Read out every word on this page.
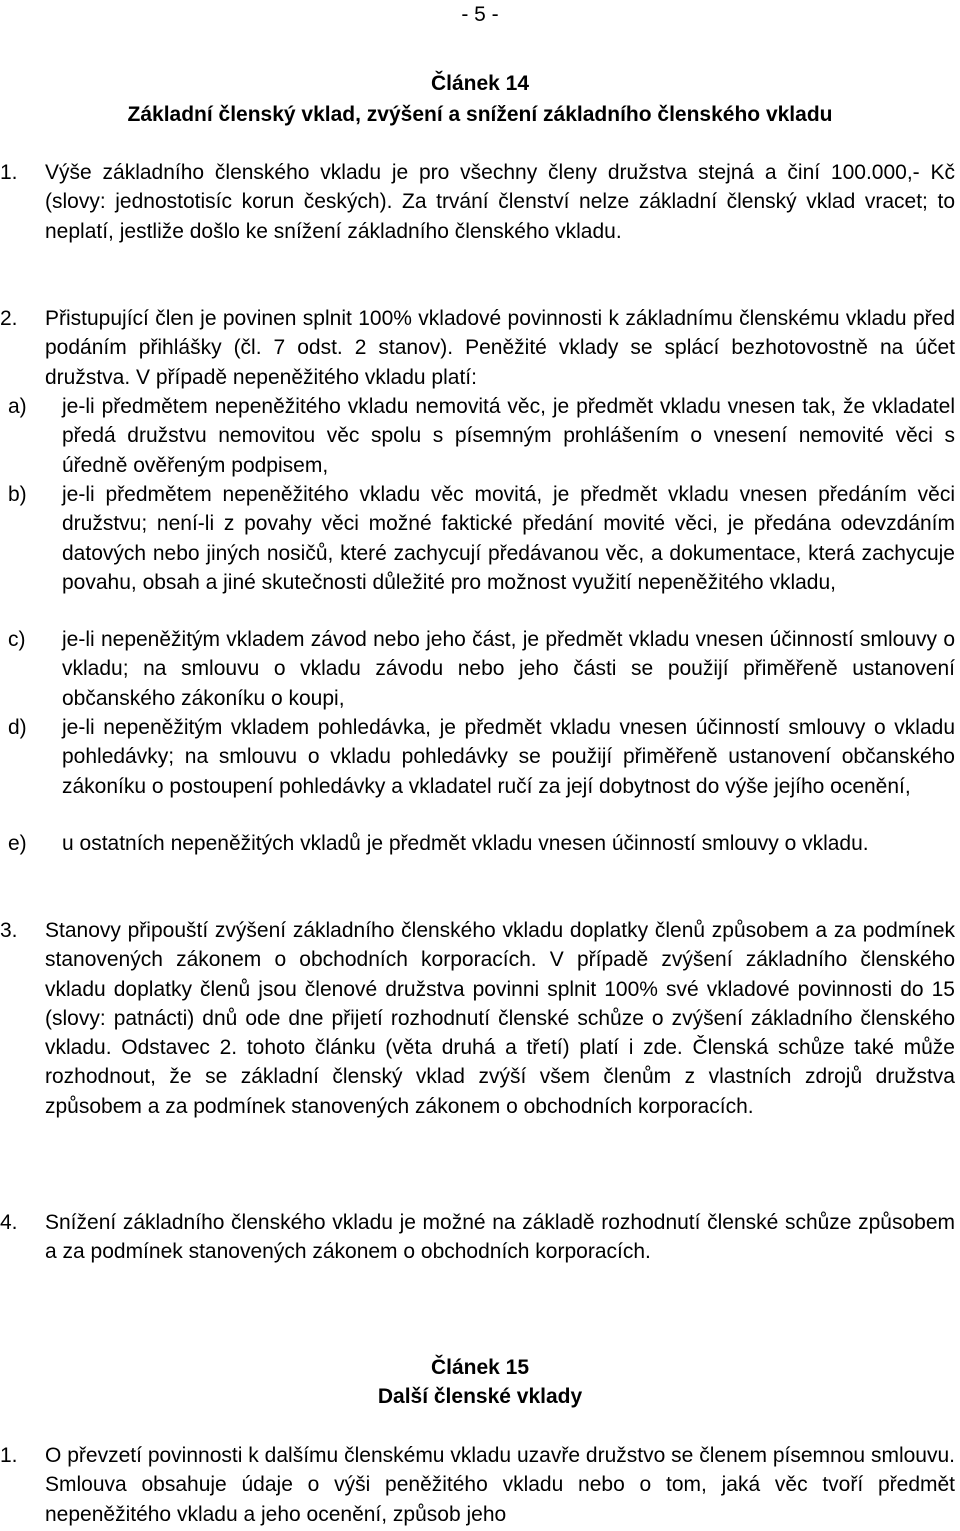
- 5 -
Článek 14
Základní členský vklad, zvýšení a snížení základního členského vkladu
1. Výše základního členského vkladu je pro všechny členy družstva stejná a činí 100.000,- Kč (slovy: jednostotisíc korun českých). Za trvání členství nelze základní členský vklad vracet; to neplatí, jestliže došlo ke snížení základního členského vkladu.
2. Přistupující člen je povinen splnit 100% vkladové povinnosti k základnímu členskému vkladu před podáním přihlášky (čl. 7 odst. 2 stanov). Peněžité vklady se splácí bezhotovostně na účet družstva. V případě nepeněžitého vkladu platí:
a) je-li předmětem nepeněžitého vkladu nemovitá věc, je předmět vkladu vnesen tak, že vkladatel předá družstvu nemovitou věc spolu s písemným prohlášením o vnesení nemovité věci s úředně ověřeným podpisem,
b) je-li předmětem nepeněžitého vkladu věc movitá, je předmět vkladu vnesen předáním věci družstvu; není-li z povahy věci možné faktické předání movité věci, je předána odevzdáním datových nebo jiných nosičů, které zachycují předávanou věc, a dokumentace, která zachycuje povahu, obsah a jiné skutečnosti důležité pro možnost využití nepeněžitého vkladu,
c) je-li nepeněžitým vkladem závod nebo jeho část, je předmět vkladu vnesen účinností smlouvy o vkladu; na smlouvu o vkladu závodu nebo jeho části se použijí přiměřeně ustanovení občanského zákoníku o koupi,
d) je-li nepeněžitým vkladem pohledávka, je předmět vkladu vnesen účinností smlouvy o vkladu pohledávky; na smlouvu o vkladu pohledávky se použijí přiměřeně ustanovení občanského zákoníku o postoupení pohledávky a vkladatel ručí za její dobytnost do výše jejího ocenění,
e) u ostatních nepeněžitých vkladů je předmět vkladu vnesen účinností smlouvy o vkladu.
3. Stanovy připouští zvýšení základního členského vkladu doplatky členů způsobem a za podmínek stanovených zákonem o obchodních korporacích. V případě zvýšení základního členského vkladu doplatky členů jsou členové družstva povinni splnit 100% své vkladové povinnosti do 15 (slovy: patnácti) dnů ode dne přijetí rozhodnutí členské schůze o zvýšení základního členského vkladu. Odstavec 2. tohoto článku (věta druhá a třetí) platí i zde. Členská schůze také může rozhodnout, že se základní členský vklad zvýší všem členům z vlastních zdrojů družstva způsobem a za podmínek stanovených zákonem o obchodních korporacích.
4. Snížení základního členského vkladu je možné na základě rozhodnutí členské schůze způsobem a za podmínek stanovených zákonem o obchodních korporacích.
Článek 15
Další členské vklady
1. O převzetí povinnosti k dalšímu členskému vkladu uzavře družstvo se členem písemnou smlouvu. Smlouva obsahuje údaje o výši peněžitého vkladu nebo o tom, jaká věc tvoří předmět nepeněžitého vkladu a jeho ocenění, způsob jeho
